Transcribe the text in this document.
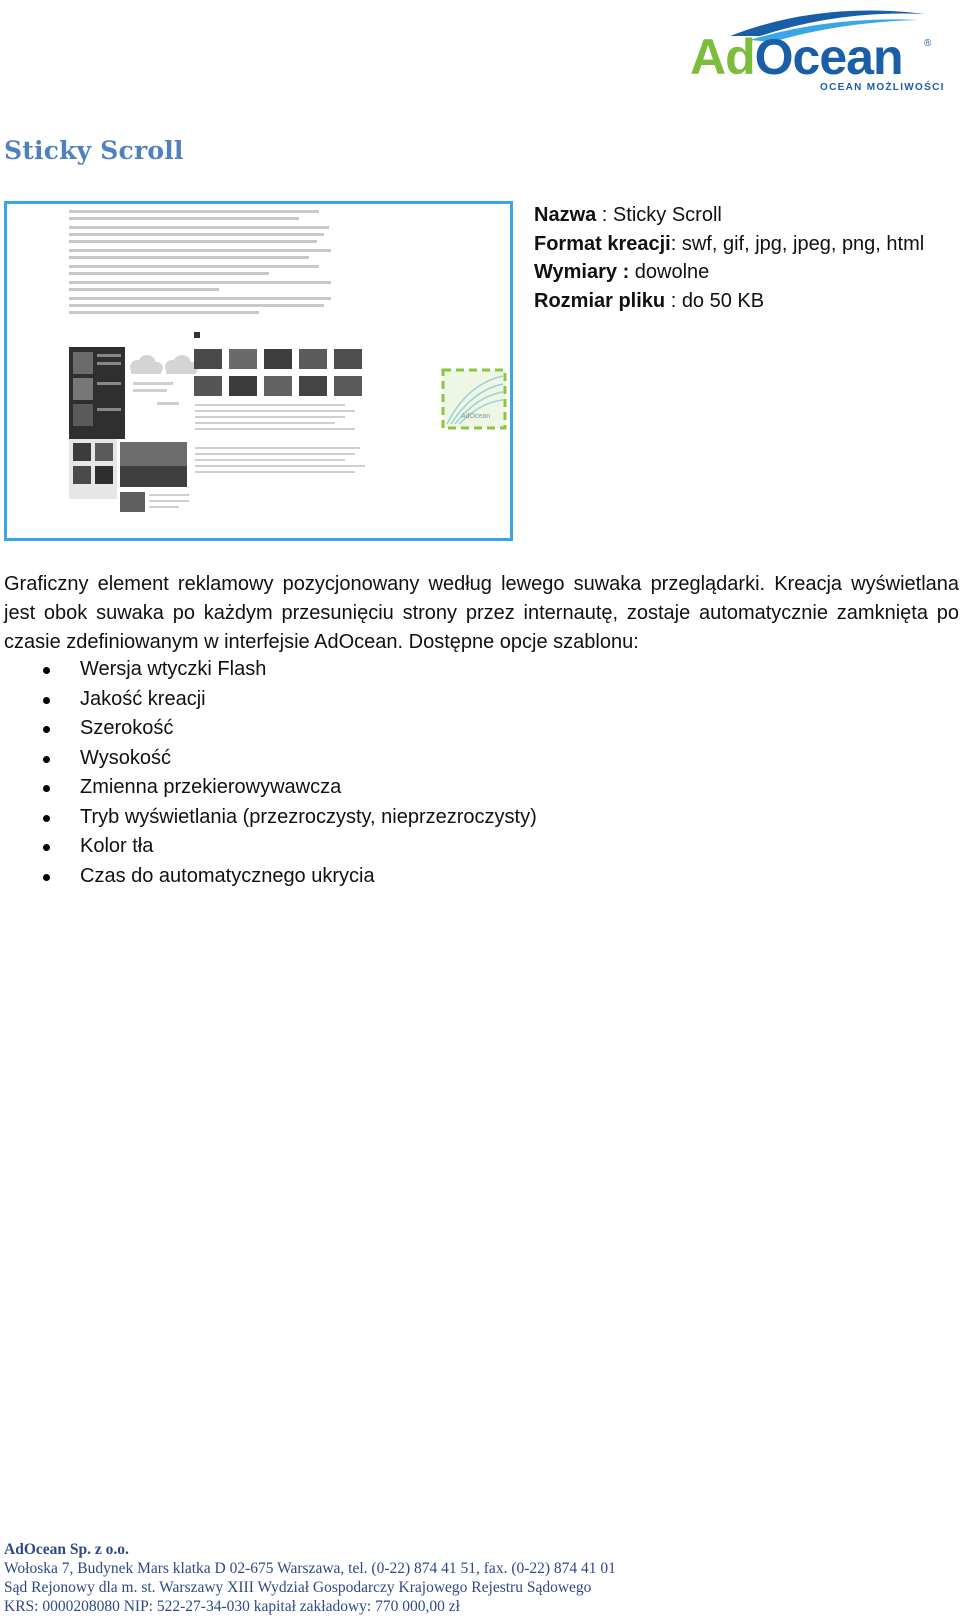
AdOcean ®
OCEAN MOŻLIWOŚCI
Sticky Scroll
AdOcean
Nazwa : Sticky Scroll
Format kreacji: swf, gif, jpg, jpeg, png, html
Wymiary : dowolne
Rozmiar pliku : do 50 KB

Graficzny element reklamowy pozycjonowany według lewego suwaka przeglądarki. Kreacja wyświetlana jest obok suwaka po każdym przesunięciu strony przez internautę, zostaje automatycznie zamknięta po czasie zdefiniowanym w interfejsie AdOcean. Dostępne opcje szablonu:

Wersja wtyczki Flash
Jakość kreacji
Szerokość
Wysokość
Zmienna przekierowywawcza
Tryb wyświetlania (przezroczysty, nieprzezroczysty)
Kolor tła
Czas do automatycznego ukrycia
AdOcean Sp. z o.o.
Wołoska 7, Budynek Mars klatka D 02-675 Warszawa, tel. (0-22) 874 41 51, fax. (0-22) 874 41 01
Sąd Rejonowy dla m. st. Warszawy XIII Wydział Gospodarczy Krajowego Rejestru Sądowego
KRS: 0000208080 NIP: 522-27-34-030 kapitał zakładowy: 770 000,00 zł
